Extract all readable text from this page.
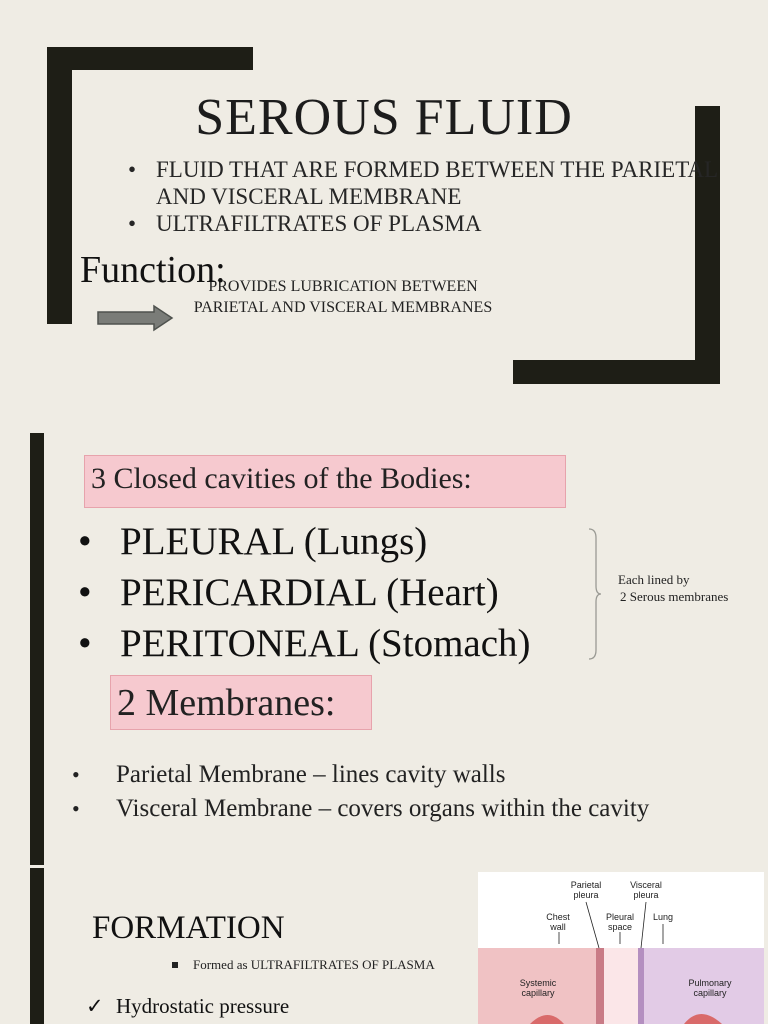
SEROUS FLUID
• FLUID THAT ARE FORMED BETWEEN THE PARIETAL AND VISCERAL MEMBRANE
• ULTRAFILTRATES OF PLASMA
PROVIDES LUBRICATION BETWEEN PARIETAL AND VISCERAL MEMBRANES
Function:
3 Closed cavities of the Bodies:
• PLEURAL (Lungs)
• PERICARDIAL (Heart)
• PERITONEAL (Stomach)
Each lined by
2 Serous membranes
2 Membranes:
• Parietal Membrane – lines cavity walls
• Visceral Membrane – covers organs within the cavity
FORMATION
Formed as ULTRAFILTRATES OF PLASMA
✓ Hydrostatic pressure
Parietal
pleura
Visceral
pleura
Chest
wall
Pleural
space
Lung
Systemic
capillary
Pulmonary
capillary
